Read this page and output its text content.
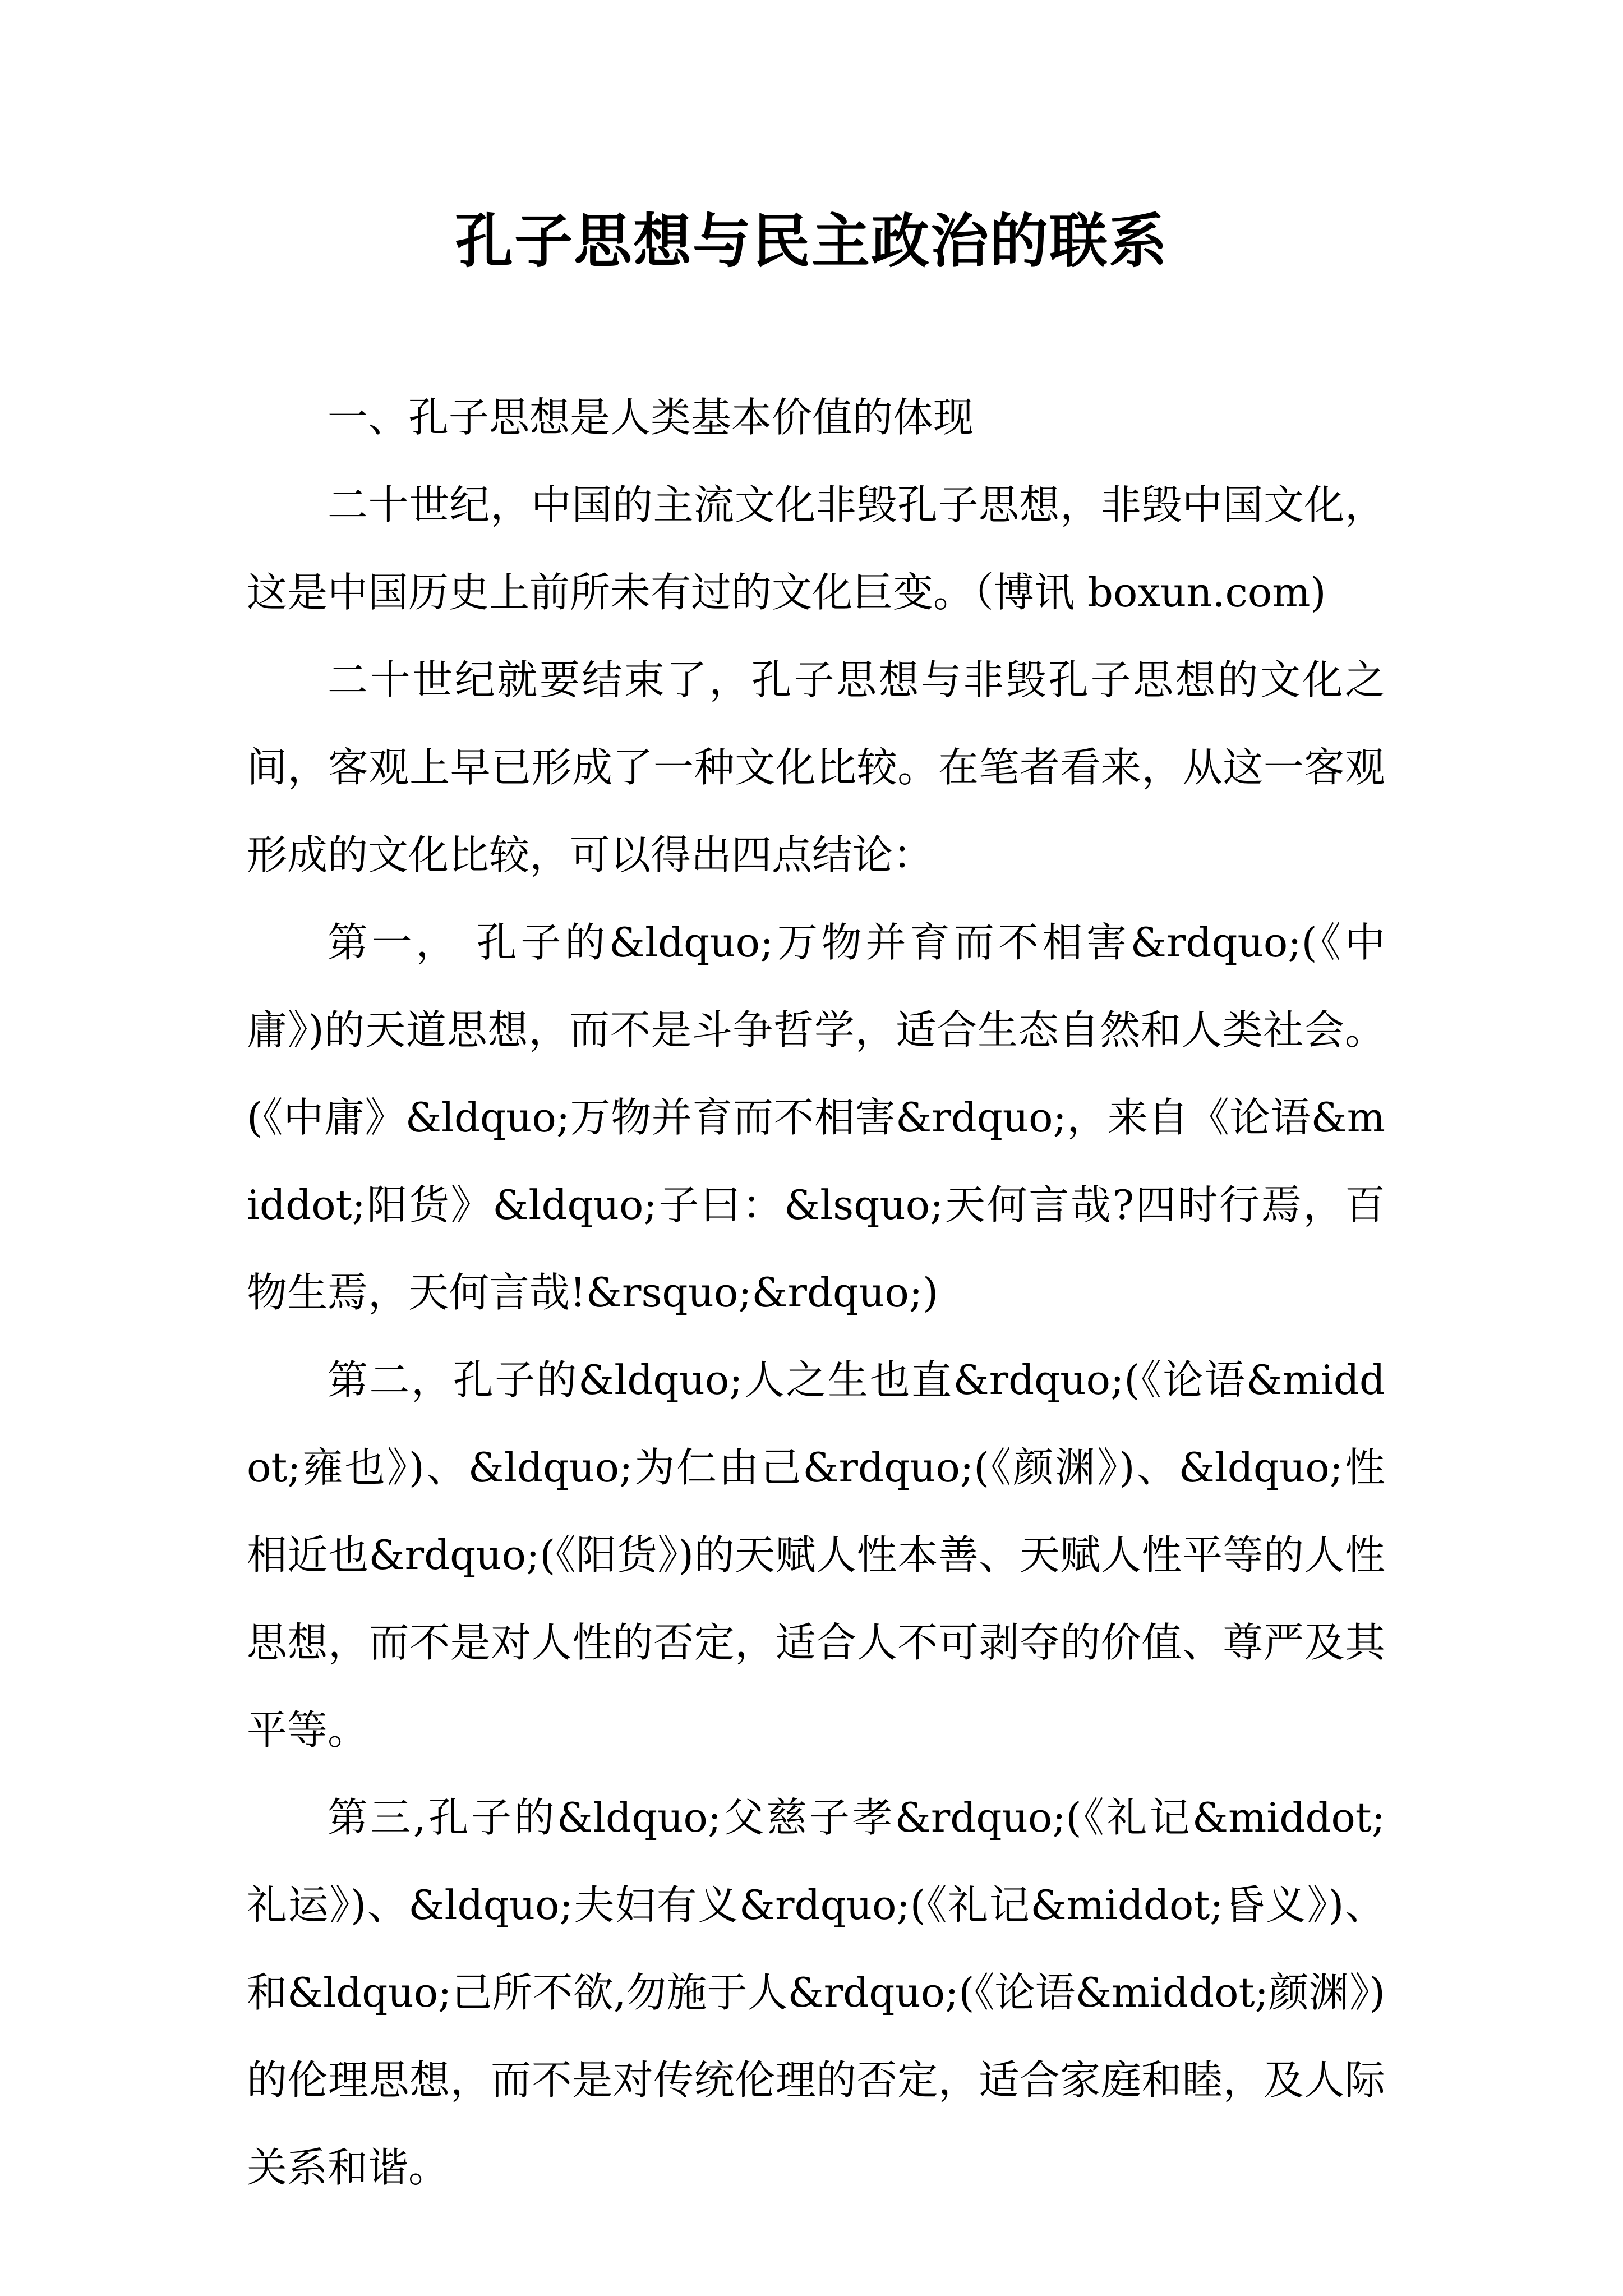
孔子思想与民主政治的联系

一、孔子思想是人类基本价值的体现

二十世纪，中国的主流文化非毁孔子思想，非毁中国文化，这是中国历史上前所未有过的文化巨变。（博讯 boxun.com)

二十世纪就要结束了，孔子思想与非毁孔子思想的文化之间，客观上早已形成了一种文化比较。在笔者看来，从这一客观形成的文化比较，可以得出四点结论：

第一， 孔子的&ldquo;万物并育而不相害&rdquo;(《中庸》)的天道思想，而不是斗争哲学，适合生态自然和人类社会。(《中庸》&ldquo;万物并育而不相害&rdquo;，来自《论语&middot;阳货》&ldquo;子曰：&lsquo;天何言哉?四时行焉，百物生焉，天何言哉!&rsquo;&rdquo;)

第二，孔子的&ldquo;人之生也直&rdquo;(《论语&middot;雍也》)、&ldquo;为仁由己&rdquo;(《颜渊》)、&ldquo;性相近也&rdquo;(《阳货》)的天赋人性本善、天赋人性平等的人性思想，而不是对人性的否定，适合人不可剥夺的价值、尊严及其平等。

第三,孔子的&ldquo;父慈子孝&rdquo;(《礼记&middot;礼运》)、&ldquo;夫妇有义&rdquo;(《礼记&middot;昏义》)、和&ldquo;己所不欲,勿施于人&rdquo;(《论语&middot;颜渊》)的伦理思想，而不是对传统伦理的否定，适合家庭和睦，及人际关系和谐。
